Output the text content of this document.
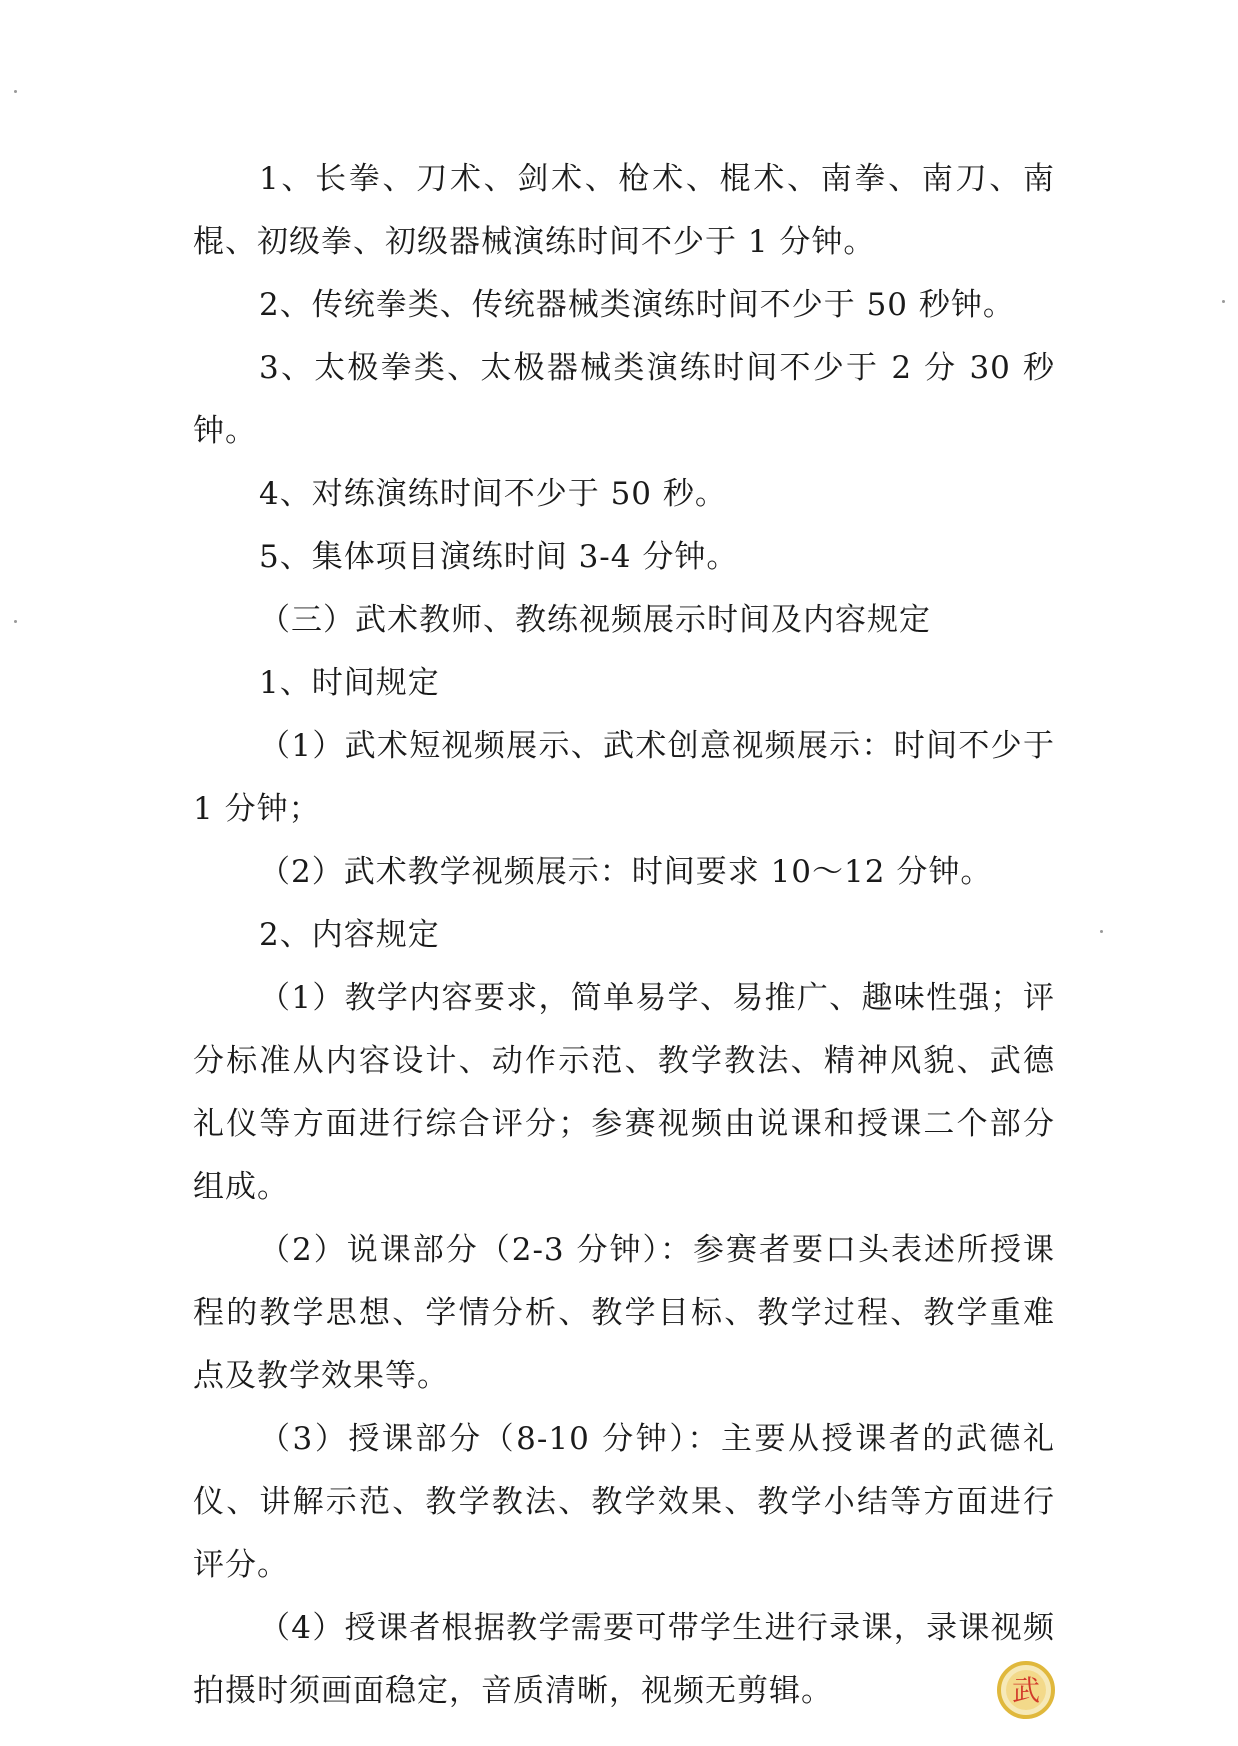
1、长拳、刀术、剑术、枪术、棍术、南拳、南刀、南棍、初级拳、初级器械演练时间不少于 1 分钟。

2、传统拳类、传统器械类演练时间不少于 50 秒钟。

3、太极拳类、太极器械类演练时间不少于 2 分 30 秒钟。

4、对练演练时间不少于 50 秒。

5、集体项目演练时间 3-4 分钟。

（三）武术教师、教练视频展示时间及内容规定

1、时间规定

（1）武术短视频展示、武术创意视频展示：时间不少于 1 分钟；

（2）武术教学视频展示：时间要求 10～12 分钟。

2、内容规定

（1）教学内容要求，简单易学、易推广、趣味性强；评分标准从内容设计、动作示范、教学教法、精神风貌、武德礼仪等方面进行综合评分；参赛视频由说课和授课二个部分组成。

（2）说课部分（2-3 分钟）：参赛者要口头表述所授课程的教学思想、学情分析、教学目标、教学过程、教学重难点及教学效果等。

（3）授课部分（8-10 分钟）：主要从授课者的武德礼仪、讲解示范、教学教法、教学效果、教学小结等方面进行评分。

（4）授课者根据教学需要可带学生进行录课，录课视频拍摄时须画面稳定，音质清晰，视频无剪辑。	武
